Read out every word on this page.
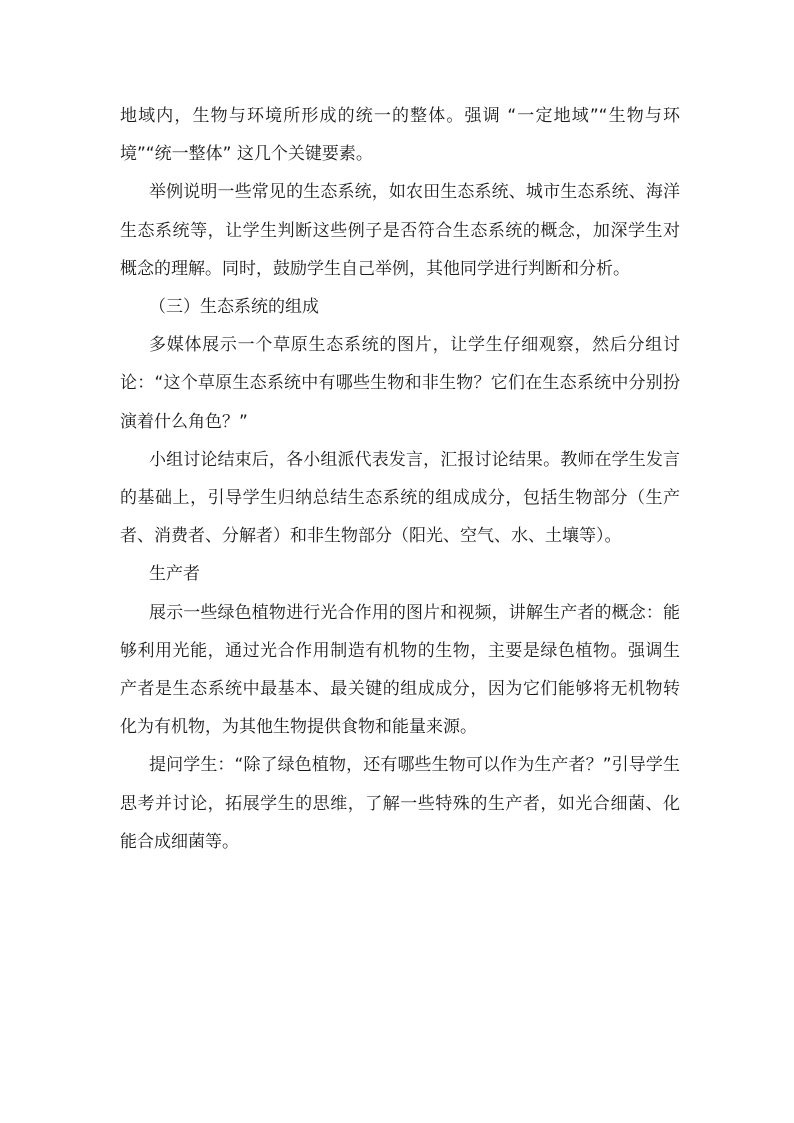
地域内，生物与环境所形成的统一的整体。强调 “一定地域”“生物与环境”“统一整体” 这几个关键要素。

举例说明一些常见的生态系统，如农田生态系统、城市生态系统、海洋生态系统等，让学生判断这些例子是否符合生态系统的概念，加深学生对概念的理解。同时，鼓励学生自己举例，其他同学进行判断和分析。

（三）生态系统的组成

多媒体展示一个草原生态系统的图片，让学生仔细观察，然后分组讨论：“这个草原生态系统中有哪些生物和非生物？它们在生态系统中分别扮演着什么角色？”

小组讨论结束后，各小组派代表发言，汇报讨论结果。教师在学生发言的基础上，引导学生归纳总结生态系统的组成成分，包括生物部分（生产者、消费者、分解者）和非生物部分（阳光、空气、水、土壤等）。

生产者

展示一些绿色植物进行光合作用的图片和视频，讲解生产者的概念：能够利用光能，通过光合作用制造有机物的生物，主要是绿色植物。强调生产者是生态系统中最基本、最关键的组成成分，因为它们能够将无机物转化为有机物，为其他生物提供食物和能量来源。

提问学生：“除了绿色植物，还有哪些生物可以作为生产者？”引导学生思考并讨论，拓展学生的思维，了解一些特殊的生产者，如光合细菌、化能合成细菌等。
